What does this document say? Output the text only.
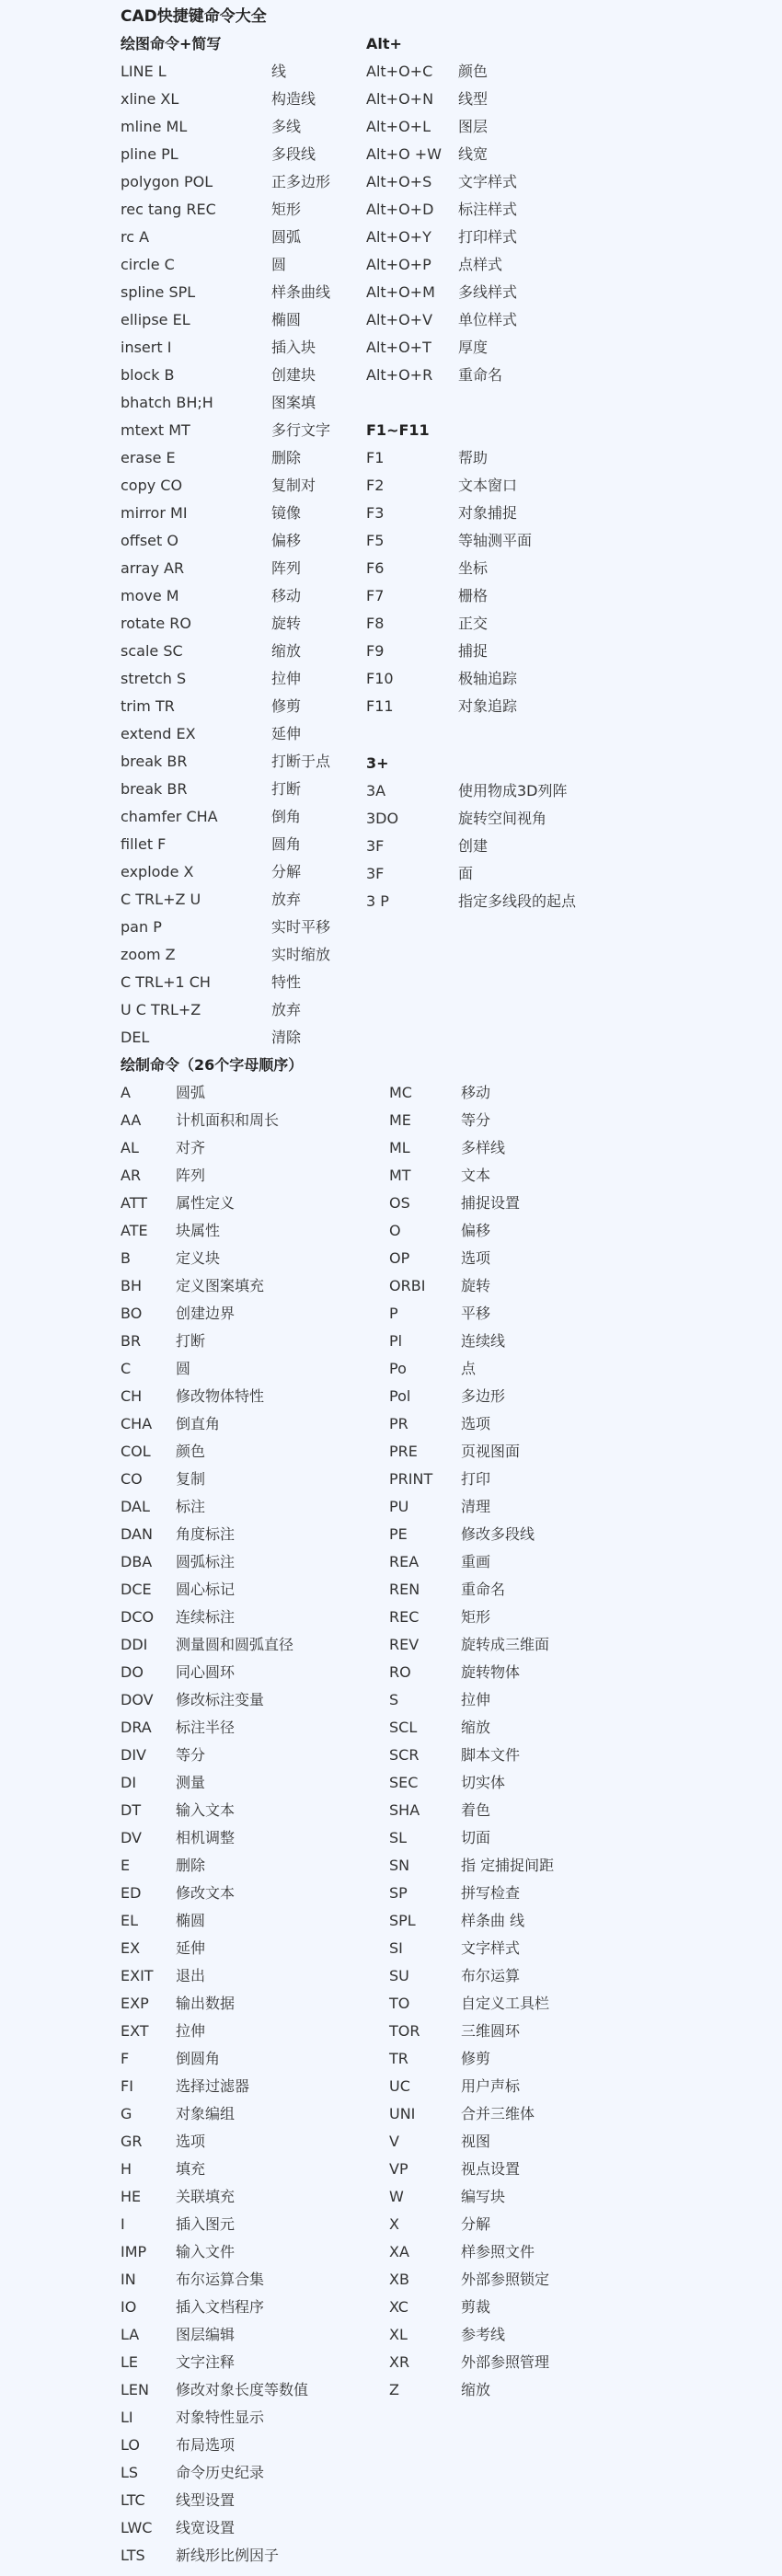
CAD快捷键命令大全
绘图命令+简写	Alt+
F1~F11
3+
绘制命令（26个字母顺序）
LINE L	线
xline XL	构造线
mline ML	多线
pline PL	多段线
polygon POL	正多边形
rec tang REC	矩形
rc A	圆弧
circle C	圆
spline SPL	样条曲线
ellipse EL	椭圆
insert I	插入块
block B	创建块
bhatch BH;H	图案填
mtext MT	多行文字
erase E	删除
copy CO	复制对
mirror MI	镜像
offset O	偏移
array AR	阵列
move M	移动
rotate RO	旋转
scale SC	缩放
stretch S	拉伸
trim TR	修剪
extend EX	延伸
break BR	打断于点
break BR	打断
chamfer CHA	倒角
fillet F	圆角
explode X	分解
C TRL+Z U	放弃
pan P	实时平移
zoom Z	实时缩放
C TRL+1 CH	特性
U C TRL+Z	放弃
DEL	清除
Alt+O+C 颜色
Alt+O+N 线型
Alt+O+L 图层
Alt+O +W 线宽
Alt+O+S 文字样式
Alt+O+D 标注样式
Alt+O+Y 打印样式
Alt+O+P 点样式
Alt+O+M 多线样式
Alt+O+V 单位样式
Alt+O+T 厚度
Alt+O+R 重命名
F1	帮助
F2	文本窗口
F3	对象捕捉
F5	等轴测平面
F6	坐标
F7	栅格
F8	正交
F9	捕捉
F10	极轴追踪
F11	对象追踪
3A	使用物成3D列阵
3DO	旋转空间视角
3F	创建
3F	面
3 P	指定多线段的起点
A	圆弧
AA 计机面积和周长
AL	对齐
AR 阵列
ATT 属性定义
ATE 块属性
B	定义块
BH 定义图案填充
BO 创建边界
BR 打断
C	圆
CH 修改物体特性
CHA 倒直角
COL 颜色
CO 复制
DAL 标注
DAN 角度标注
DBA 圆弧标注
DCE 圆心标记
DCO 连续标注
DDI 测量圆和圆弧直径
DO 同心圆环
DOV 修改标注变量
DRA 标注半径
DIV 等分
DI	测量
DT 输入文本
DV 相机调整
E	删除
ED 修改文本
EL	椭圆
EX 延伸
EXIT 退出
EXP 输出数据
EXT 拉伸
F	倒圆角
FI	选择过滤器
G	对象编组
GR 选项
H	填充
HE 关联填充
I	插入图元
IMP 输入文件
IN	布尔运算合集
IO	插入文档程序
LA 图层编辑
LE	文字注释
LEN 修改对象长度等数值
LI	对象特性显示
LO 布局选项
LS	命令历史纪录
LTC 线型设置
LWC 线宽设置
LTS 新线形比例因子
MC	移动
ME	等分
ML	多样线
MT	文本
OS	捕捉设置
O	偏移
OP	选项
ORBI 旋转
P	平移
Pl	连续线
Po	点
Pol	多边形
PR	选项
PRE	页视图面
PRINT 打印
PU	清理
PE	修改多段线
REA	重画
REN	重命名
REC	矩形
REV	旋转成三维面
RO	旋转物体
S	拉伸
SCL	缩放
SCR	脚本文件
SEC	切实体
SHA	着色
SL	切面
SN	指 定捕捉间距
SP	拼写检查
SPL	样条曲 线
SI	文字样式
SU	布尔运算
TO	自定义工具栏
TOR	三维圆环
TR	修剪
UC	用户声标
UNI	合并三维体
V	视图
VP	视点设置
W	编写块
X	分解
XA	样参照文件
XB	外部参照锁定
XC	剪裁
XL	参考线
XR	外部参照管理
Z	缩放
